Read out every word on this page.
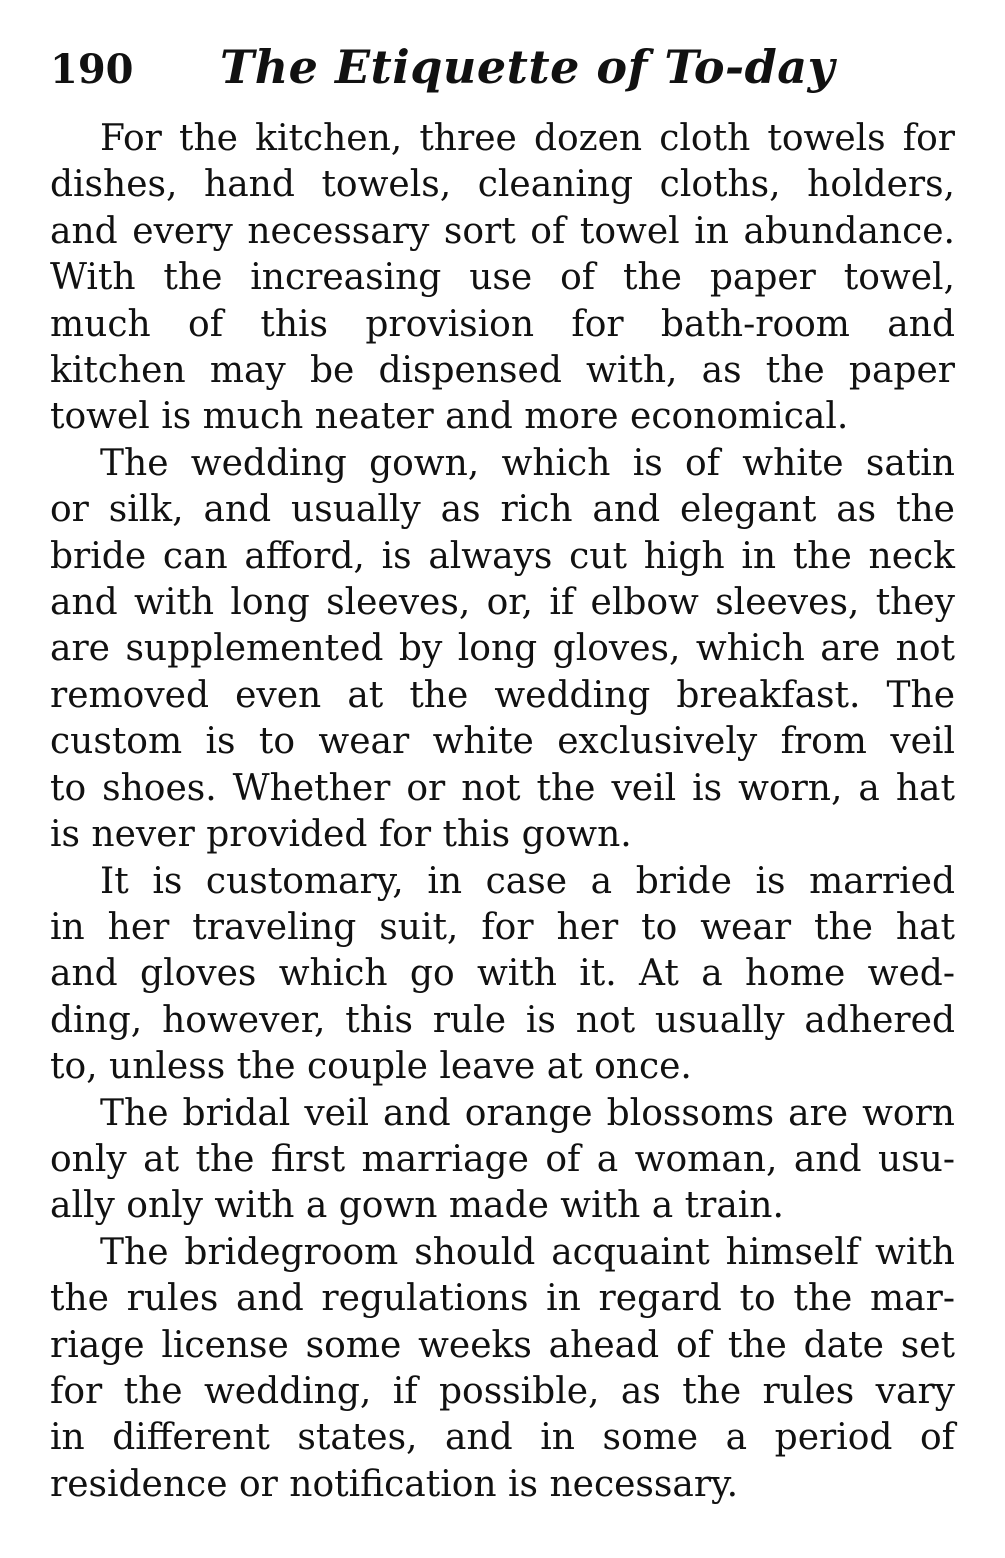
190	The Etiquette of To-day
For the kitchen, three dozen cloth towels for
dishes, hand towels, cleaning cloths, holders,
and every necessary sort of towel in abundance.
With the increasing use of the paper towel,
much of this provision for bath-room and
kitchen may be dispensed with, as the paper
towel is much neater and more economical.
The wedding gown, which is of white satin
or silk, and usually as rich and elegant as the
bride can afford, is always cut high in the neck
and with long sleeves, or, if elbow sleeves, they
are supplemented by long gloves, which are not
removed even at the wedding breakfast. The
custom is to wear white exclusively from veil
to shoes. Whether or not the veil is worn, a hat
is never provided for this gown.
It is customary, in case a bride is married
in her traveling suit, for her to wear the hat
and gloves which go with it. At a home wed-
ding, however, this rule is not usually adhered
to, unless the couple leave at once.
The bridal veil and orange blossoms are worn
only at the first marriage of a woman, and usu-
ally only with a gown made with a train.
The bridegroom should acquaint himself with
the rules and regulations in regard to the mar-
riage license some weeks ahead of the date set
for the wedding, if possible, as the rules vary
in different states, and in some a period of
residence or notification is necessary.
